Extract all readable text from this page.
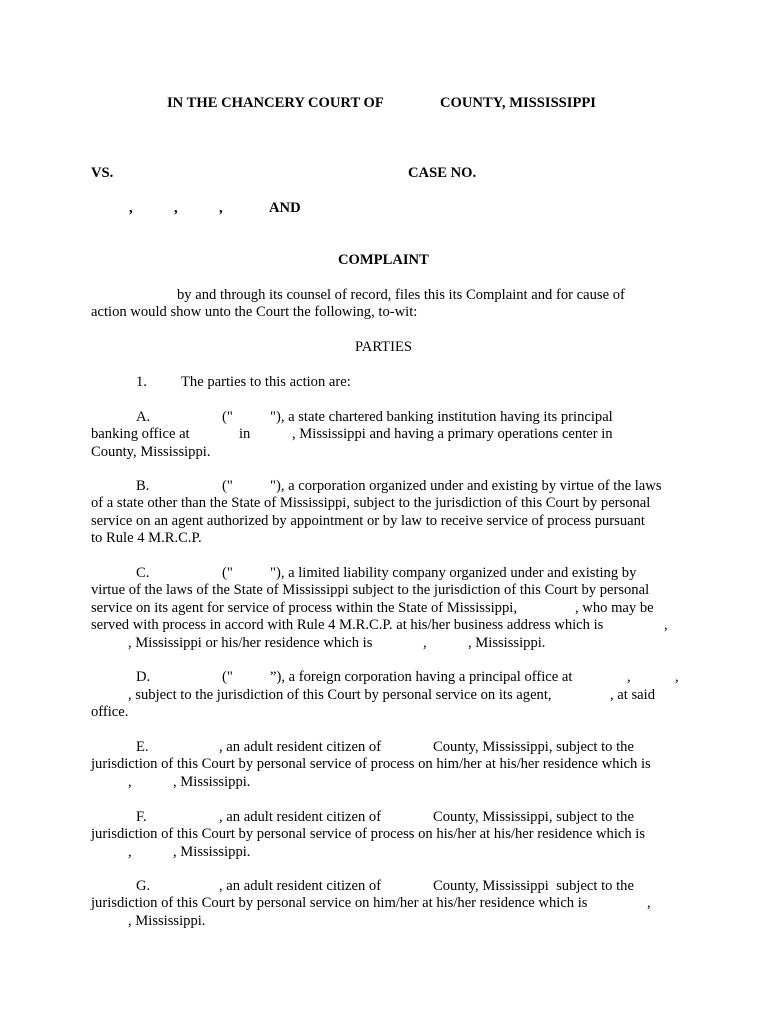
IN THE CHANCERY COURT OF	COUNTY, MISSISSIPPI
VS.	CASE NO.
,	,	,	AND
COMPLAINT
by and through its counsel of record, files this its Complaint and for cause of
action would show unto the Court the following, to-wit:
PARTIES
1. The parties to this action are:
A.	("	"), a state chartered banking institution having its principal
banking office at	in	, Mississippi and having a primary operations center in
County, Mississippi.
B.	("	"), a corporation organized under and existing by virtue of the laws
of a state other than the State of Mississippi, subject to the jurisdiction of this Court by personal
service on an agent authorized by appointment or by law to receive service of process pursuant
to Rule 4 M.R.C.P.
C.	("	"), a limited liability company organized under and existing by
virtue of the laws of the State of Mississippi subject to the jurisdiction of this Court by personal
service on its agent for service of process within the State of Mississippi,	, who may be
served with process in accord with Rule 4 M.R.C.P. at his/her business address which is	,
, Mississippi or his/her residence which is	,	, Mississippi.
D.	("	”), a foreign corporation having a principal office at	,	,
, subject to the jurisdiction of this Court by personal service on its agent,	, at said
office.
E.	, an adult resident citizen of	County, Mississippi, subject to the
jurisdiction of this Court by personal service of process on him/her at his/her residence which is
,	, Mississippi.
F.	, an adult resident citizen of	County, Mississippi, subject to the
jurisdiction of this Court by personal service of process on his/her at his/her residence which is
,	, Mississippi.
G.	, an adult resident citizen of	County, Mississippi  subject to the
jurisdiction of this Court by personal service on him/her at his/her residence which is	,
, Mississippi.
